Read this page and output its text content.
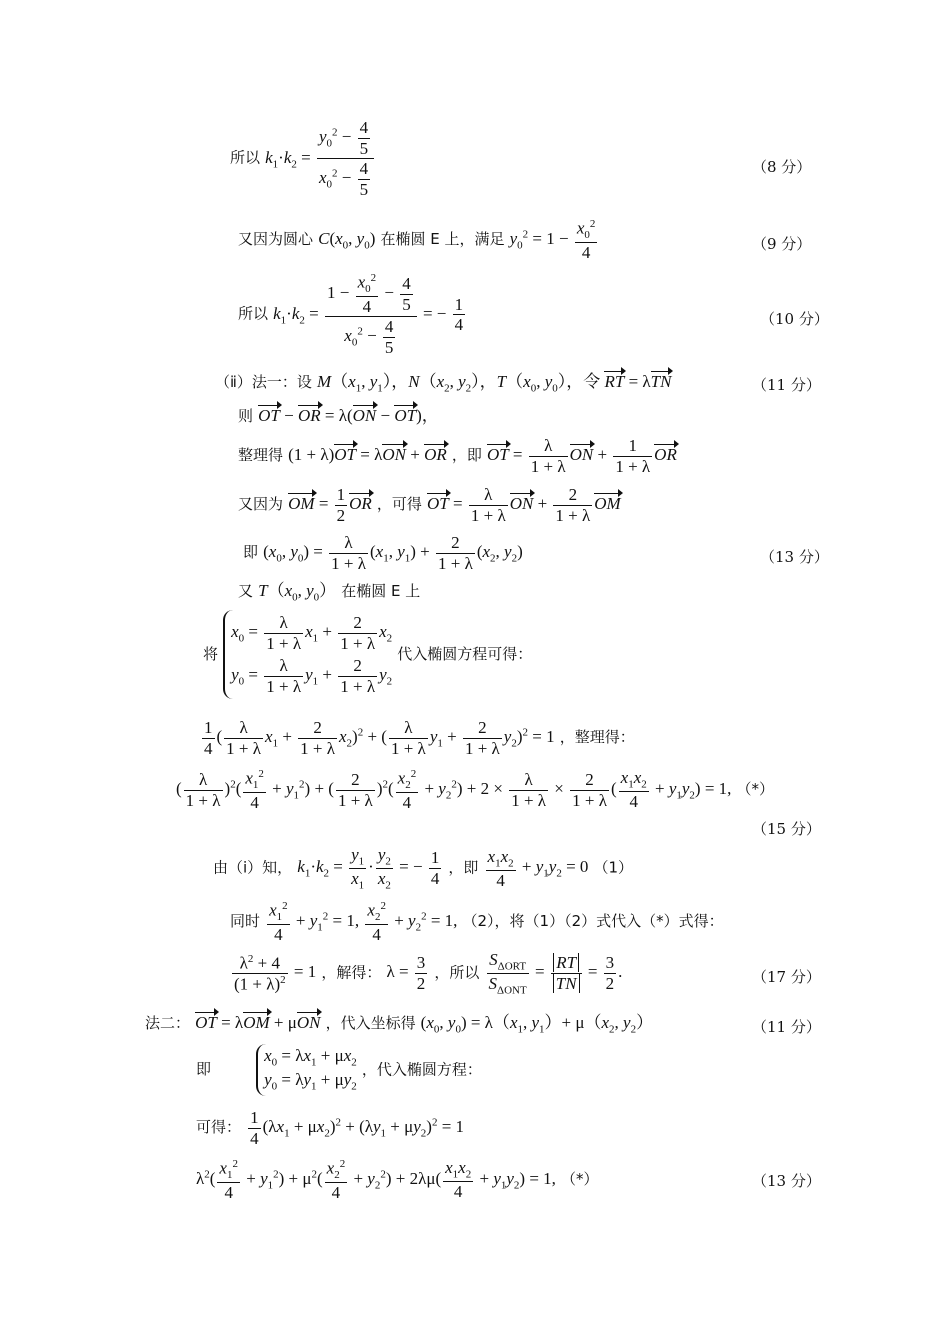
所以 $k_1\cdot k_2 = \frac{y_0^2 - \frac{4}{5}}{x_0^2 - \frac{4}{5}}$	（8 分）
又因为圆心 $C(x_0$, $y_0$) 在椭圆 E 上，满足 $y_0^2 = 1 - \frac{x_0^2}{4}$	（9 分）
所以 $k_1\cdot k_2 = \frac{1 - \frac{x_0^2}{4} - \frac{4}{5}}{x_0^2 - \frac{4}{5}}$ = − $\frac{1}{4}$	（10 分）
（ⅱ）法一：设 $M(x_1$, $y_1$），$N(x_2$, $y_2$），$T(x_0$, $y_0$），令 RT = λTN	（11 分）
则 OT − OR = λ(ON − OT)，
整理得 (1 + λ)OT = λON + OR ，即 OT = $\frac{\lambda}{1 + \lambda}$ ON + $\frac{1}{1 + \lambda}$ OR
又因为 OM = $\frac{1}{2}$ OR ，可得 OT = $\frac{\lambda}{1 + \lambda}$ ON + $\frac{2}{1 + \lambda}$ OM
即 ($x_0$, $y_0) = \frac{\lambda}{1 + \lambda} (x_1$, $y_1) + \frac{2}{1 + \lambda} (x_2$, $y_2$)	（13 分）
又 $T(x_0$, $y_0$） 在椭圆 E 上
将
$x_0 = \frac{\lambda}{1 + \lambda} x_1 + \frac{2}{1 + \lambda} x_2$
$y_0 = \frac{\lambda}{1 + \lambda} y_1 + \frac{2}{1 + \lambda} y_2$
代入椭圆方程可得：
$\frac{1}{4}$ ( $\frac{\lambda}{1 + \lambda} x_1 + \frac{2}{1 + \lambda} x_2)^2$ + ( $\frac{\lambda}{1 + \lambda} y_1 + \frac{2}{1 + \lambda} y_2)^2 = 1$ ，整理得：
( $\frac{\lambda}{1 + \lambda} )^2( \frac{x_1^2}{4} + y_1^2)$ + ( $\frac{2}{1 + \lambda} )^2( \frac{x_2^2}{4} + y_2^2) + 2 \times \frac{\lambda}{1 + \lambda} \times \frac{2}{1 + \lambda}$ ( $\frac{x_1x_2}{4} + y_1y_2) = 1$, （*）
（15 分）
由（ⅰ）知， $k_1\cdot k_2 = \frac{y_1}{x_1} \cdot \frac{y_2}{x_2}$ = − $\frac{1}{4}$ ，即 $\frac{x_1x_2}{4} + y_1y_2 = 0$ （1）
同时 $\frac{x_1^2}{4} + y_1^2 = 1$, $\frac{x_2^2}{4} + y_2^2 = 1$, （2），将（1）（2）式代入（*）式得：
$\frac{\lambda^2 + 4}{(1 + \lambda)^2} = 1$ ，解得： $\lambda = \frac{3}{2}$ ，所以 $\frac{S_{\Delta ORT}}{S_{\Delta ONT}} = \frac{RT}{TN} = \frac{3}{2}$ .	（17 分）
法二： OT = λOM + μON ，代入坐标得 ($x_0$, $y_0) = \lambda(x_1$, $y_1)+ \mu(x_2$, $y_2$）	（11 分）
即
$x_0 = \lambda x_1 + \mu x_2$
$y_0 = \lambda y_1 + \mu y_2$
，代入椭圆方程：
可得： $\frac{1}{4} (\lambda x_1 + \mu x_2)^2 + (\lambda y_1 + \mu y_2)^2 = 1$
$\lambda^2( \frac{x_1^2}{4} + y_1^2) + \mu^2( \frac{x_2^2}{4} + y_2^2) + 2\lambda\mu( \frac{x_1x_2}{4} + y_1y_2) = 1$, （*）	（13 分）
